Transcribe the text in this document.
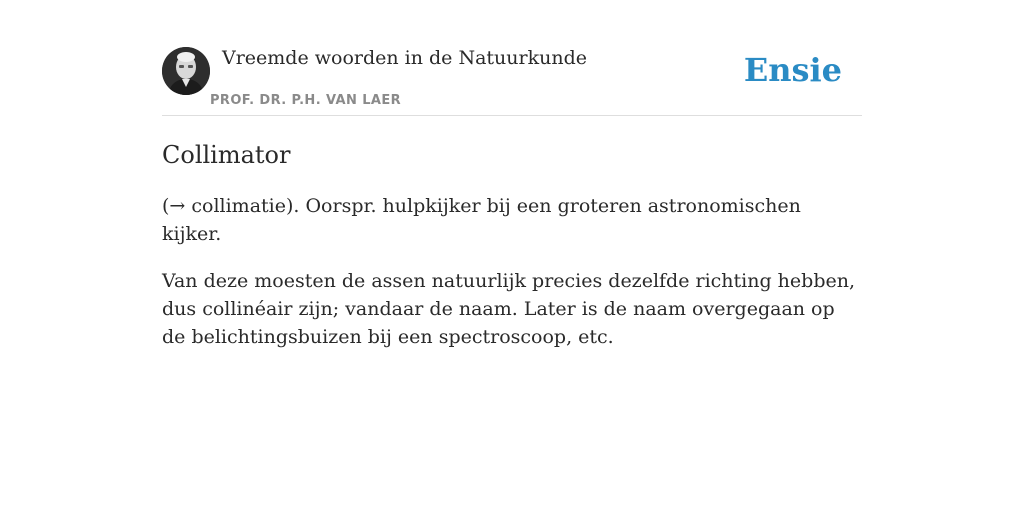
Vreemde woorden in de Natuurkunde
PROF. DR. P.H. VAN LAER
Ensie
Collimator

(→ collimatie). Oorspr. hulpkijker bij een groteren astronomischen kijker.

Van deze moesten de assen natuurlijk precies dezelfde richting hebben, dus collinéair zijn; vandaar de naam. Later is de naam overgegaan op de belichtingsbuizen bij een spectroscoop, etc.
